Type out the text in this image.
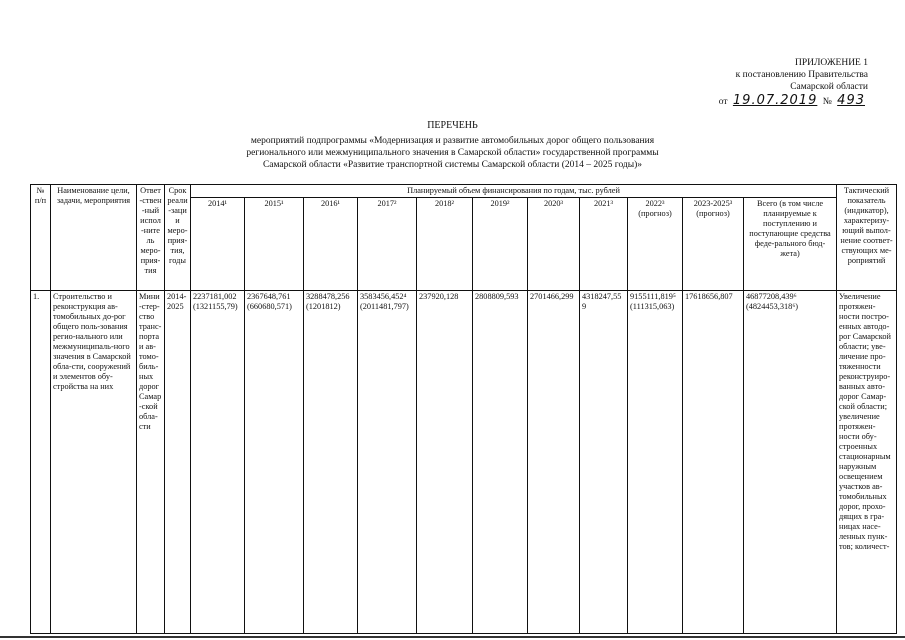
ПРИЛОЖЕНИЕ 1
к постановлению Правительства
Самарской области
от 19.07.2019 № 493
ПЕРЕЧЕНЬ
мероприятий подпрограммы «Модернизация и развитие автомобильных дорог общего пользования
регионального или межмуниципального значения в Самарской области» государственной программы
Самарской области «Развитие транспортной системы Самарской области (2014 – 2025 годы)»
№ п/п	Наименование цели, задачи, мероприятия	Ответ-ствен-ный испол-нитель меро-прия-тия	Срок реали-зации меро-прия-тия, годы	Планируемый объем финансирования по годам, тыс. рублей											Тактический показатель (индикатор), характеризу-ющий выпол-нение соответ-ствующих ме-роприятий
				2014¹	2015¹	2016¹	2017²	2018²	2019²	2020³	2021³	2022³ (прогноз)	2023-2025³ (прогноз)	Всего (в том числе планируемые к поступлению и поступающие средства феде-рального бюд-жета)	
1.	Строительство и реконструкция ав-томобильных до-рог общего поль-зования регио-нального или межмуниципаль-ного значения в Самарской обла-сти, сооружений и элементов обу-стройства на них	Мини-стер-ство транс-порта и ав-томо-биль-ных дорог Самар-ской обла-сти	2014-2025	2237181,002 (1321155,79)	2367648,761 (660680,571)	3288478,256 (1201812)	3583456,452⁴ (2011481,797)	237920,128	2808809,593	2701466,299	4318247,559	9155111,819⁵ (111315,063)	17618656,807	46877208,439⁶ (4824453,318⁶)	Увеличение протяжен-ности постро-енных автодо-рог Самарской области; уве-личение про-тяженности реконструиро-ванных авто-дорог Самар-ской области; увеличение протяжен-ности обу-строенных стационарным наружным освещением участков ав-томобильных дорог, прохо-дящих в гра-ницах насе-ленных пунк-тов; количест-
